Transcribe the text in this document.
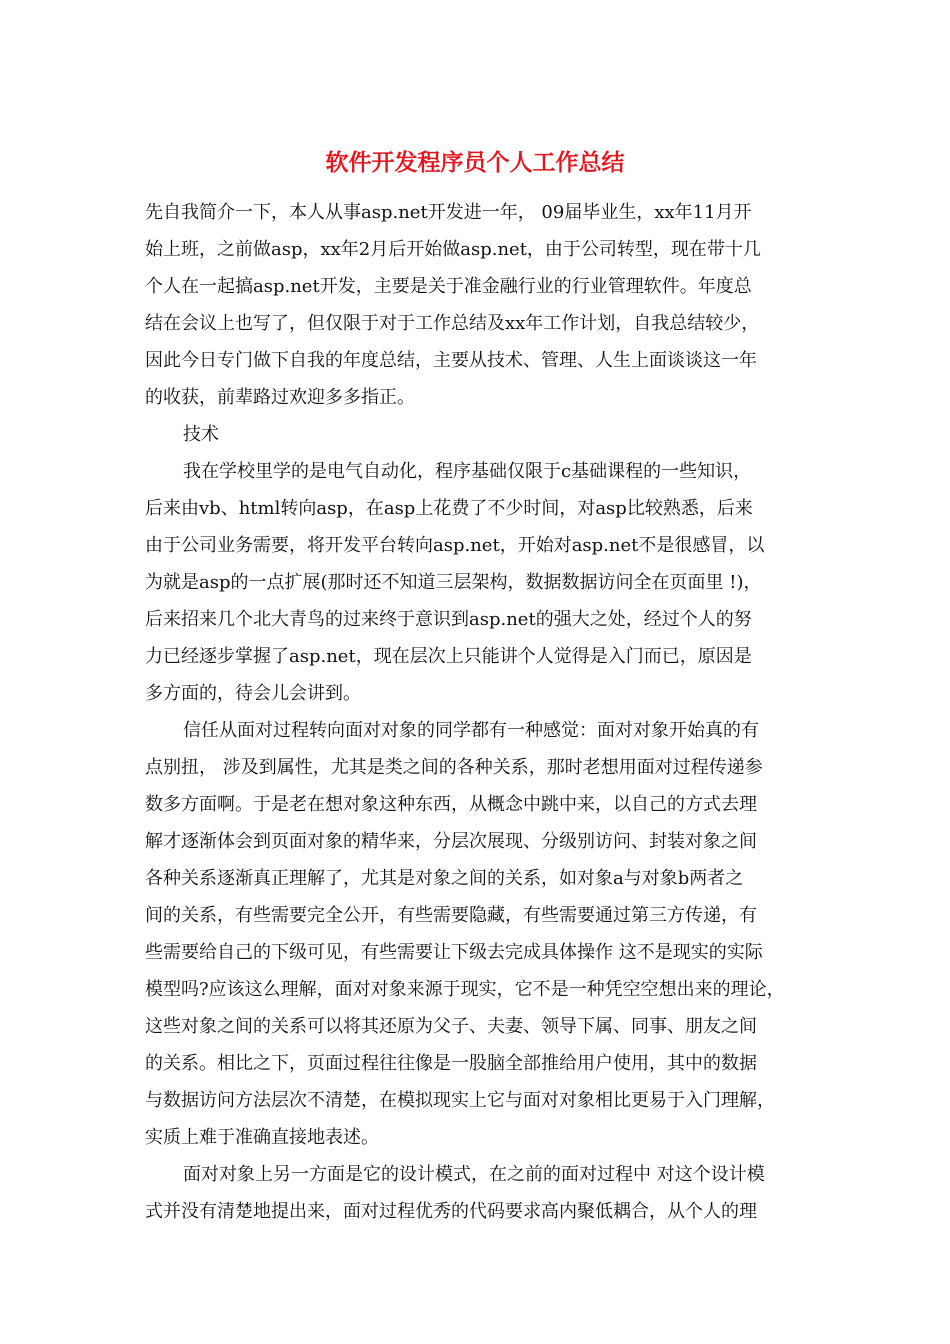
软件开发程序员个人工作总结
先自我简介一下，本人从事asp.net开发进一年， 09届毕业生，xx年11月开
始上班，之前做asp，xx年2月后开始做asp.net，由于公司转型，现在带十几
个人在一起搞asp.net开发，主要是关于准金融行业的行业管理软件。年度总
结在会议上也写了，但仅限于对于工作总结及xx年工作计划，自我总结较少，
因此今日专门做下自我的年度总结，主要从技术、管理、人生上面谈谈这一年
的收获，前辈路过欢迎多多指正。
技术
我在学校里学的是电气自动化，程序基础仅限于c基础课程的一些知识，
后来由vb、html转向asp，在asp上花费了不少时间，对asp比较熟悉，后来
由于公司业务需要，将开发平台转向asp.net，开始对asp.net不是很感冒，以
为就是asp的一点扩展(那时还不知道三层架构，数据数据访问全在页面里 !)，
后来招来几个北大青鸟的过来终于意识到asp.net的强大之处，经过个人的努
力已经逐步掌握了asp.net，现在层次上只能讲个人觉得是入门而已，原因是
多方面的，待会儿会讲到。
信任从面对过程转向面对对象的同学都有一种感觉：面对对象开始真的有
点别扭， 涉及到属性，尤其是类之间的各种关系，那时老想用面对过程传递参
数多方面啊。于是老在想对象这种东西，从概念中跳中来，以自己的方式去理
解才逐渐体会到页面对象的精华来，分层次展现、分级别访问、封装对象之间
各种关系逐渐真正理解了，尤其是对象之间的关系，如对象a与对象b两者之
间的关系，有些需要完全公开，有些需要隐藏，有些需要通过第三方传递，有
些需要给自己的下级可见，有些需要让下级去完成具体操作 这不是现实的实际
模型吗?应该这么理解，面对对象来源于现实，它不是一种凭空空想出来的理论，
这些对象之间的关系可以将其还原为父子、夫妻、领导下属、同事、朋友之间
的关系。相比之下，页面过程往往像是一股脑全部推给用户使用，其中的数据
与数据访问方法层次不清楚，在模拟现实上它与面对对象相比更易于入门理解，
实质上难于准确直接地表述。
面对对象上另一方面是它的设计模式，在之前的面对过程中 对这个设计模
式并没有清楚地提出来，面对过程优秀的代码要求高内聚低耦合，从个人的理
